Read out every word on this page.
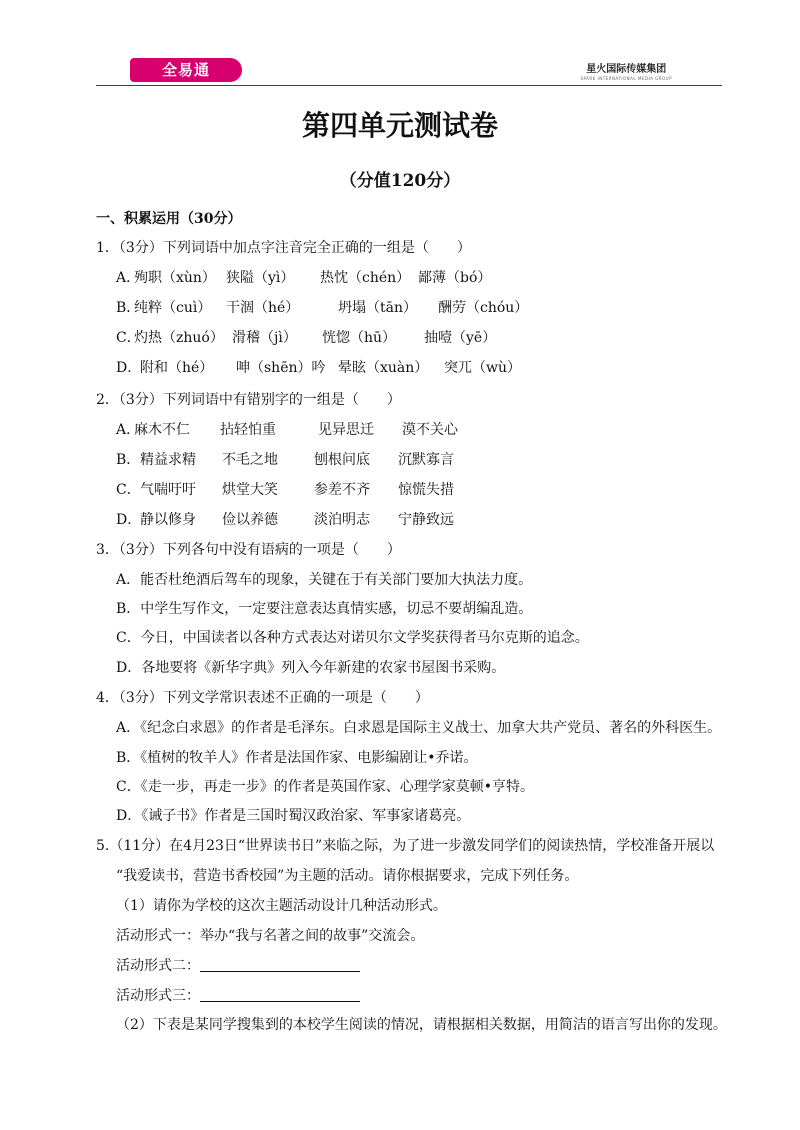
全易通	星火国际传媒集团
SPARK INTERNATIONAL MEDIA GROUP
第四单元测试卷
（分值120分）
一、积累运用（30分）
1．（3分）下列词语中加点字注音完全正确的一组是（　　）
A．
殉职（xùn） 狭隘（yì） 热忱（chén） 鄙薄（bó）
B．
纯粹（cuì） 干涸（hé）	坍塌（tān） 酬劳（chóu）
C．
灼热（zhuó） 滑稽（jì） 恍惚（hū） 抽噎（yē）
D．
附和（hé） 呻（shēn）吟 晕眩（xuàn） 突兀（wù）
2．（3分）下列词语中有错别字的一组是（　　）
A．
麻木不仁 拈轻怕重	见异思迁 漠不关心
B． 精益求精 不毛之地	刨根问底 沉默寡言
C． 气喘吁吁 烘堂大笑	参差不齐 惊慌失措
D．
静以修身 俭以养德	淡泊明志 宁静致远
3．（3分）下列各句中没有语病的一项是（　　）
A．能否杜绝酒后驾车的现象，关键在于有关部门要加大执法力度。
B．中学生写作文，一定要注意表达真情实感，切忌不要胡编乱造。
C．今日，中国读者以各种方式表达对诺贝尔文学奖获得者马尔克斯的追念。
D．各地要将《新华字典》列入今年新建的农家书屋图书采购。
4．（3分）下列文学常识表述不正确的一项是（　　）
A．《纪念白求恩》的作者是毛泽东。白求恩是国际主义战士、加拿大共产党员、著名的外科医生。
B．《植树的牧羊人》作者是法国作家、电影编剧让•乔诺。
C．《走一步，再走一步》的作者是英国作家、心理学家莫顿•亨特。
D．《诫子书》作者是三国时蜀汉政治家、军事家诸葛亮。
5.（11分）在4月23日“世界读书日”来临之际，为了进一步激发同学们的阅读热情，学校准备开展以
“我爱读书，营造书香校园”为主题的活动。请你根据要求，完成下列任务。
（1）请你为学校的这次主题活动设计几种活动形式。
活动形式一：举办“我与名著之间的故事”交流会。
活动形式二：
活动形式三：
（2）下表是某同学搜集到的本校学生阅读的情况，请根据相关数据，用简洁的语言写出你的发现。
